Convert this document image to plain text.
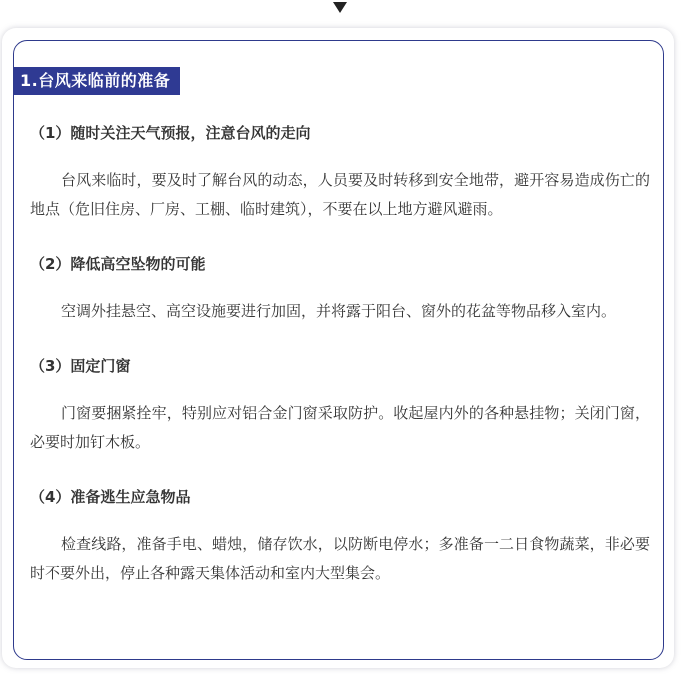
1.台风来临前的准备

（1）随时关注天气预报，注意台风的走向

台风来临时，要及时了解台风的动态，人员要及时转移到安全地带，避开容易造成伤亡的地点（危旧住房、厂房、工棚、临时建筑），不要在以上地方避风避雨。

（2）降低高空坠物的可能

空调外挂悬空、高空设施要进行加固，并将露于阳台、窗外的花盆等物品移入室内。

（3）固定门窗

门窗要捆紧拴牢，特别应对铝合金门窗采取防护。收起屋内外的各种悬挂物；关闭门窗，必要时加钉木板。

（4）准备逃生应急物品

检查线路，准备手电、蜡烛，储存饮水，以防断电停水；多准备一二日食物蔬菜，非必要时不要外出，停止各种露天集体活动和室内大型集会。
